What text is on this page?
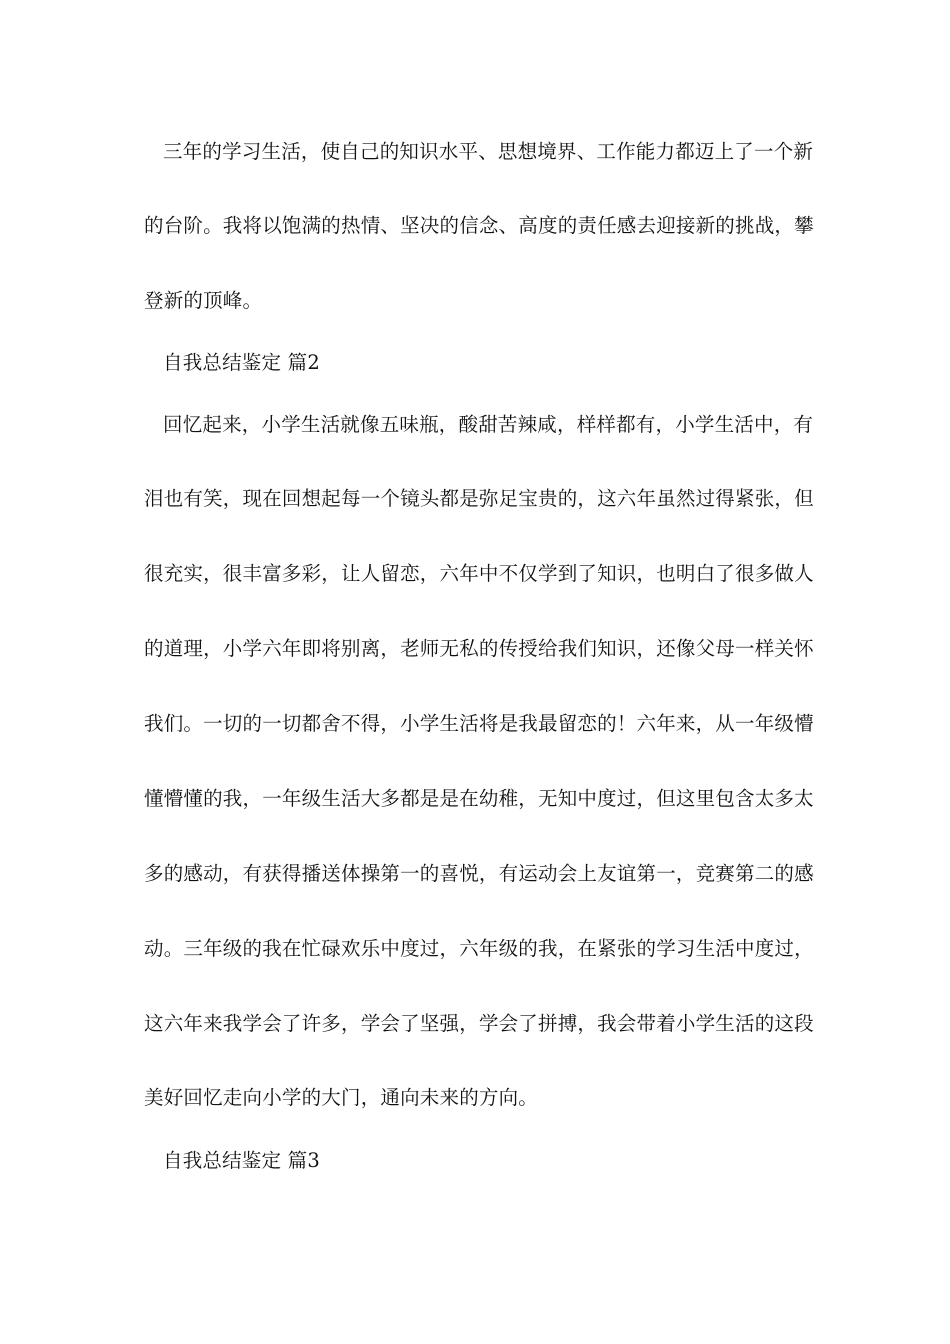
三年的学习生活，使自己的知识水平、思想境界、工作能力都迈上了一个新
的台阶。我将以饱满的热情、坚决的信念、高度的责任感去迎接新的挑战，攀
登新的顶峰。
自我总结鉴定 篇2
回忆起来，小学生活就像五味瓶，酸甜苦辣咸，样样都有，小学生活中，有
泪也有笑，现在回想起每一个镜头都是弥足宝贵的，这六年虽然过得紧张，但
很充实，很丰富多彩，让人留恋，六年中不仅学到了知识，也明白了很多做人
的道理，小学六年即将别离，老师无私的传授给我们知识，还像父母一样关怀
我们。一切的一切都舍不得，小学生活将是我最留恋的！六年来，从一年级懵
懂懵懂的我，一年级生活大多都是是在幼稚，无知中度过，但这里包含太多太
多的感动，有获得播送体操第一的喜悦，有运动会上友谊第一，竞赛第二的感
动。三年级的我在忙碌欢乐中度过，六年级的我，在紧张的学习生活中度过，
这六年来我学会了许多，学会了坚强，学会了拼搏，我会带着小学生活的这段
美好回忆走向小学的大门，通向未来的方向。
自我总结鉴定 篇3
